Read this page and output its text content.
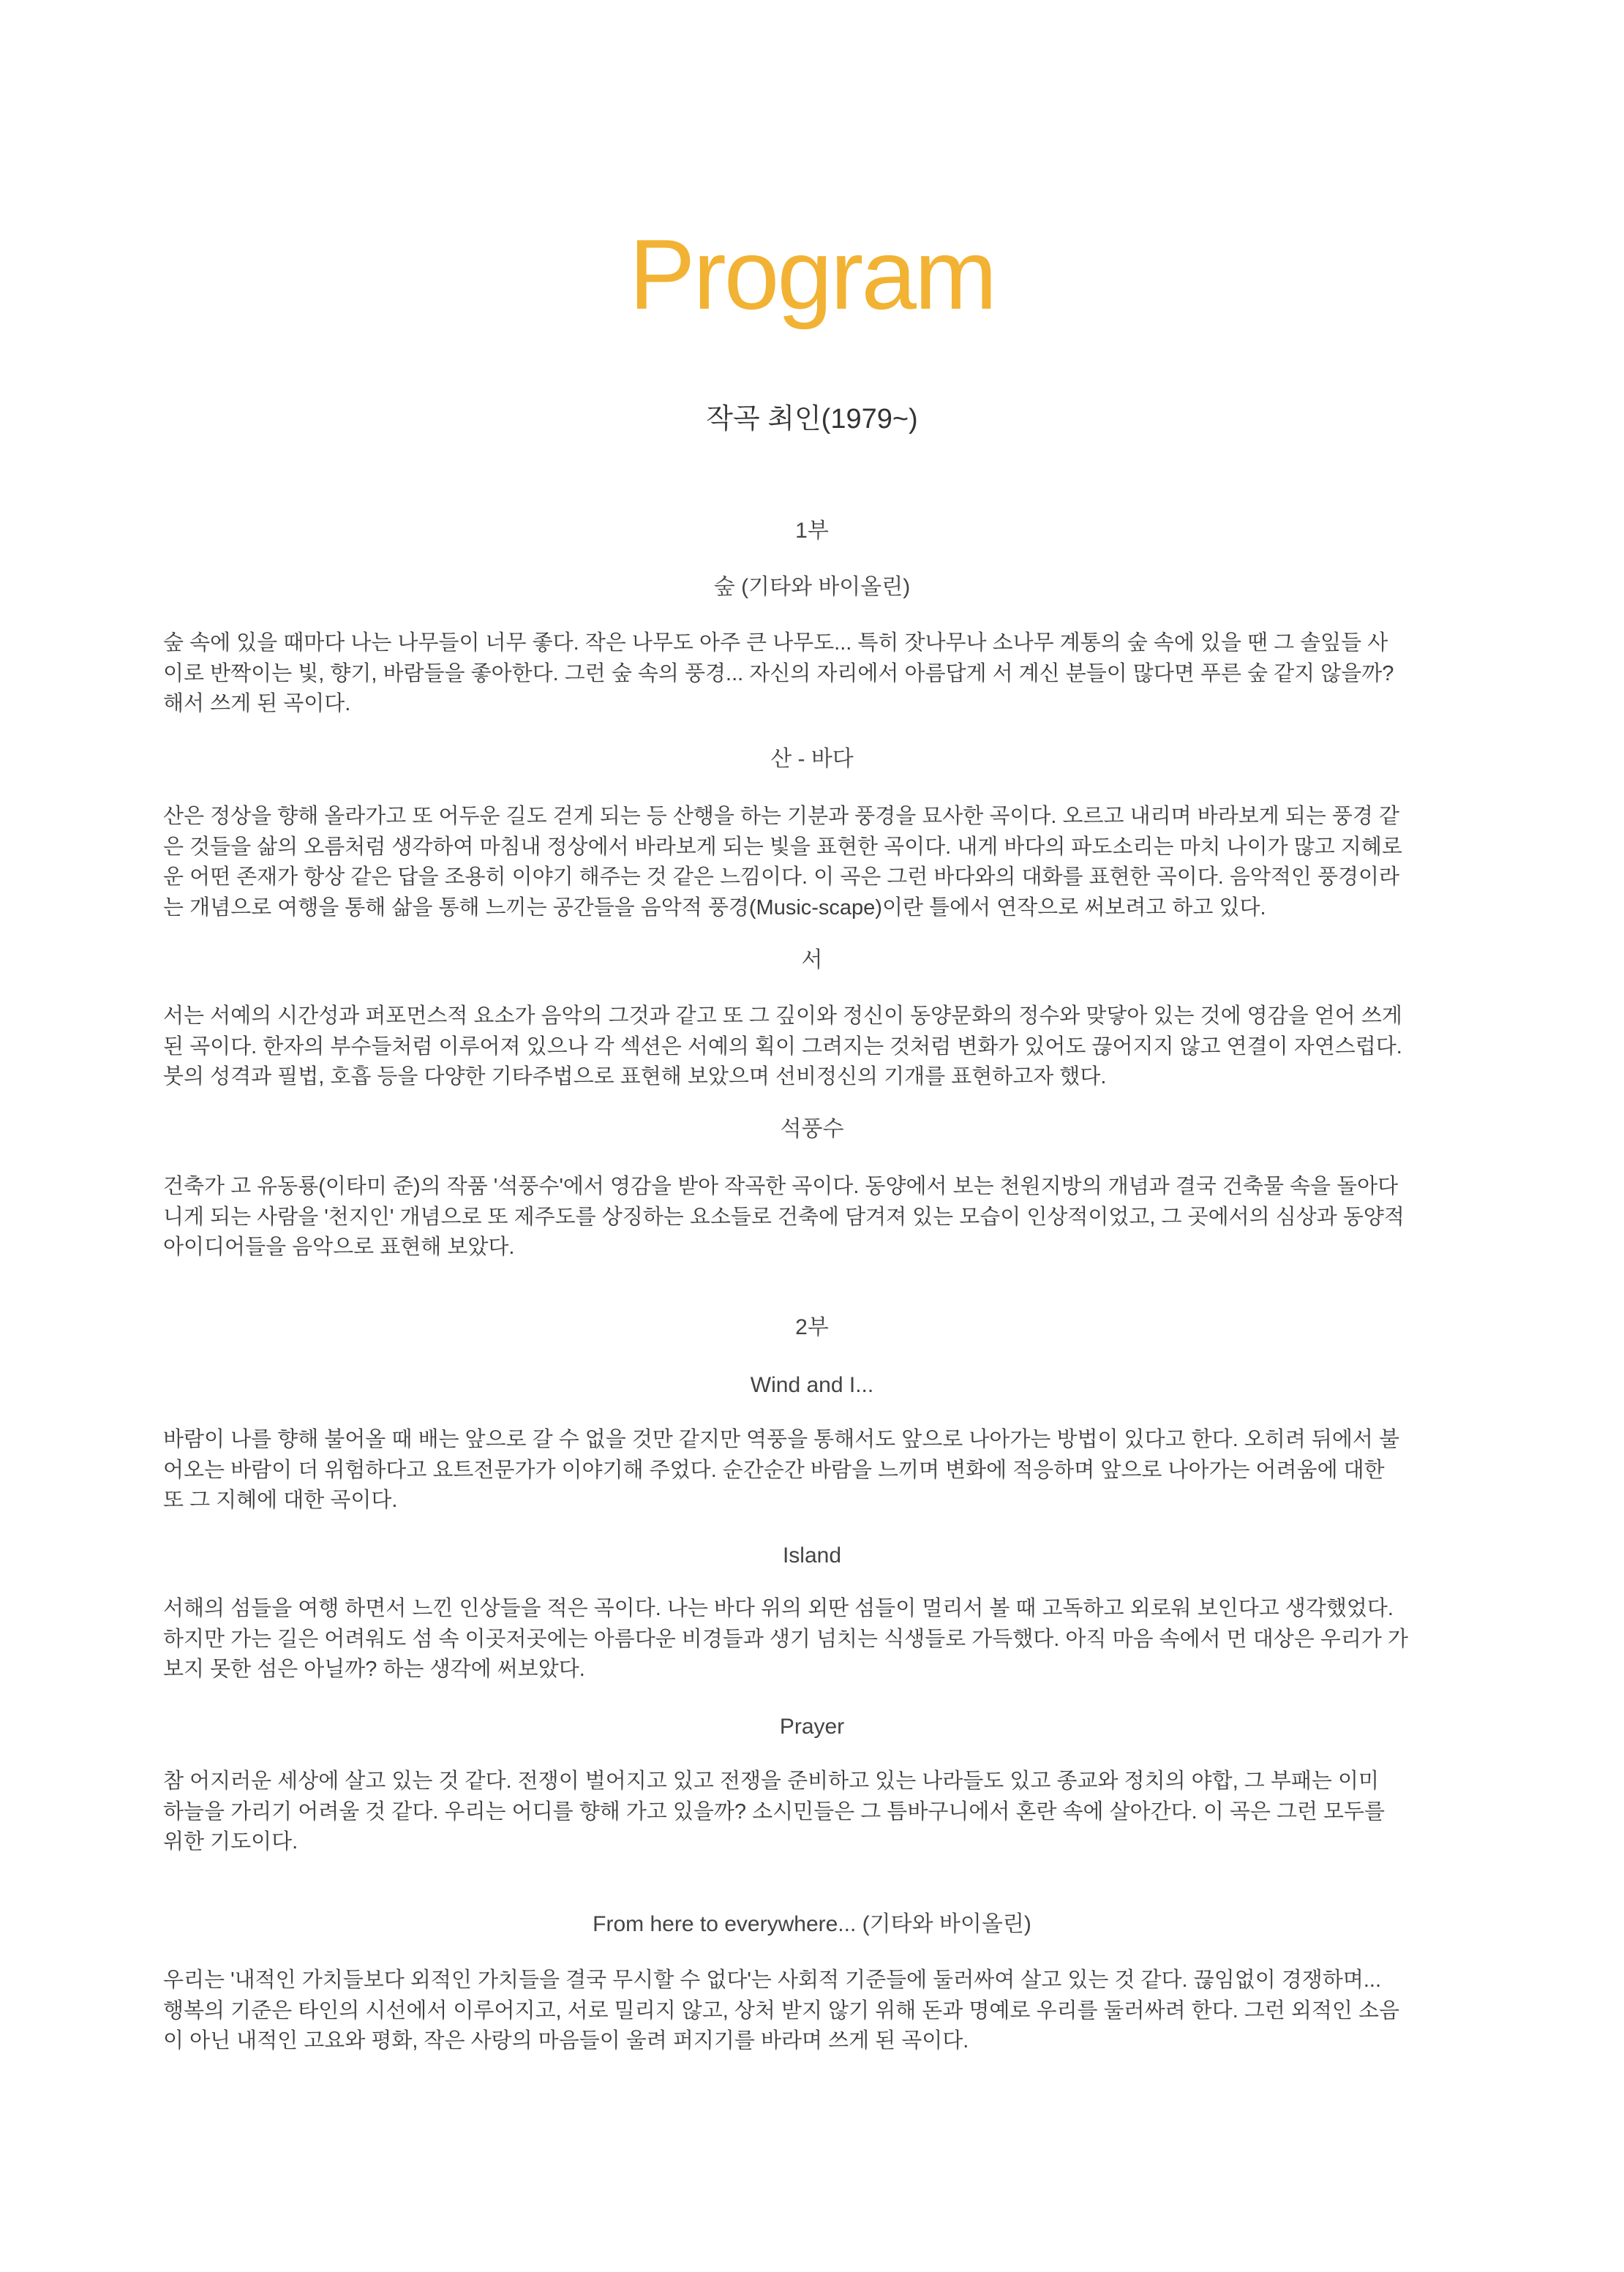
Program
작곡 최인(1979~)
1부
숲 (기타와 바이올린)
숲 속에 있을 때마다 나는 나무들이 너무 좋다. 작은 나무도 아주 큰 나무도... 특히 잣나무나 소나무 계통의 숲 속에 있을 땐 그 솔잎들 사
이로 반짝이는 빛, 향기, 바람들을 좋아한다. 그런 숲 속의 풍경... 자신의 자리에서 아름답게 서 계신 분들이 많다면 푸른 숲 같지 않을까?
해서 쓰게 된 곡이다.
산 - 바다
산은 정상을 향해 올라가고 또 어두운 길도 걷게 되는 등 산행을 하는 기분과 풍경을 묘사한 곡이다. 오르고 내리며 바라보게 되는 풍경 같
은 것들을 삶의 오름처럼 생각하여 마침내 정상에서 바라보게 되는 빛을 표현한 곡이다. 내게 바다의 파도소리는 마치 나이가 많고 지혜로
운 어떤 존재가 항상 같은 답을 조용히 이야기 해주는 것 같은 느낌이다. 이 곡은 그런 바다와의 대화를 표현한 곡이다. 음악적인 풍경이라
는 개념으로 여행을 통해 삶을 통해 느끼는 공간들을 음악적 풍경(Music-scape)이란 틀에서 연작으로 써보려고 하고 있다.
서
서는 서예의 시간성과 퍼포먼스적 요소가 음악의 그것과 같고 또 그 깊이와 정신이 동양문화의 정수와 맞닿아 있는 것에 영감을 얻어 쓰게
된 곡이다. 한자의 부수들처럼 이루어져 있으나 각 섹션은 서예의 획이 그려지는 것처럼 변화가 있어도 끊어지지 않고 연결이 자연스럽다.
붓의 성격과 필법, 호흡 등을 다양한 기타주법으로 표현해 보았으며 선비정신의 기개를 표현하고자 했다.
석풍수
건축가 고 유동룡(이타미 준)의 작품 '석풍수'에서 영감을 받아 작곡한 곡이다. 동양에서 보는 천원지방의 개념과 결국 건축물 속을 돌아다
니게 되는 사람을 '천지인' 개념으로 또 제주도를 상징하는 요소들로 건축에 담겨져 있는 모습이 인상적이었고, 그 곳에서의 심상과 동양적
아이디어들을 음악으로 표현해 보았다.
2부
Wind and I...
바람이 나를 향해 불어올 때 배는 앞으로 갈 수 없을 것만 같지만 역풍을 통해서도 앞으로 나아가는 방법이 있다고 한다. 오히려 뒤에서 불
어오는 바람이 더 위험하다고 요트전문가가 이야기해 주었다. 순간순간 바람을 느끼며 변화에 적응하며 앞으로 나아가는 어려움에 대한
또 그 지혜에 대한 곡이다.
Island
서해의 섬들을 여행 하면서 느낀 인상들을 적은 곡이다. 나는 바다 위의 외딴 섬들이 멀리서 볼 때 고독하고 외로워 보인다고 생각했었다.
하지만 가는 길은 어려워도 섬 속 이곳저곳에는 아름다운 비경들과 생기 넘치는 식생들로 가득했다. 아직 마음 속에서 먼 대상은 우리가 가
보지 못한 섬은 아닐까? 하는 생각에 써보았다.
Prayer
참 어지러운 세상에 살고 있는 것 같다. 전쟁이 벌어지고 있고 전쟁을 준비하고 있는 나라들도 있고 종교와 정치의 야합, 그 부패는 이미
하늘을 가리기 어려울 것 같다. 우리는 어디를 향해 가고 있을까? 소시민들은 그 틈바구니에서 혼란 속에 살아간다. 이 곡은 그런 모두를
위한 기도이다.
From here to everywhere... (기타와 바이올린)
우리는 '내적인 가치들보다 외적인 가치들을 결국 무시할 수 없다'는 사회적 기준들에 둘러싸여 살고 있는 것 같다. 끊임없이 경쟁하며...
행복의 기준은 타인의 시선에서 이루어지고, 서로 밀리지 않고, 상처 받지 않기 위해 돈과 명예로 우리를 둘러싸려 한다. 그런 외적인 소음
이 아닌 내적인 고요와 평화, 작은 사랑의 마음들이 울려 퍼지기를 바라며 쓰게 된 곡이다.
